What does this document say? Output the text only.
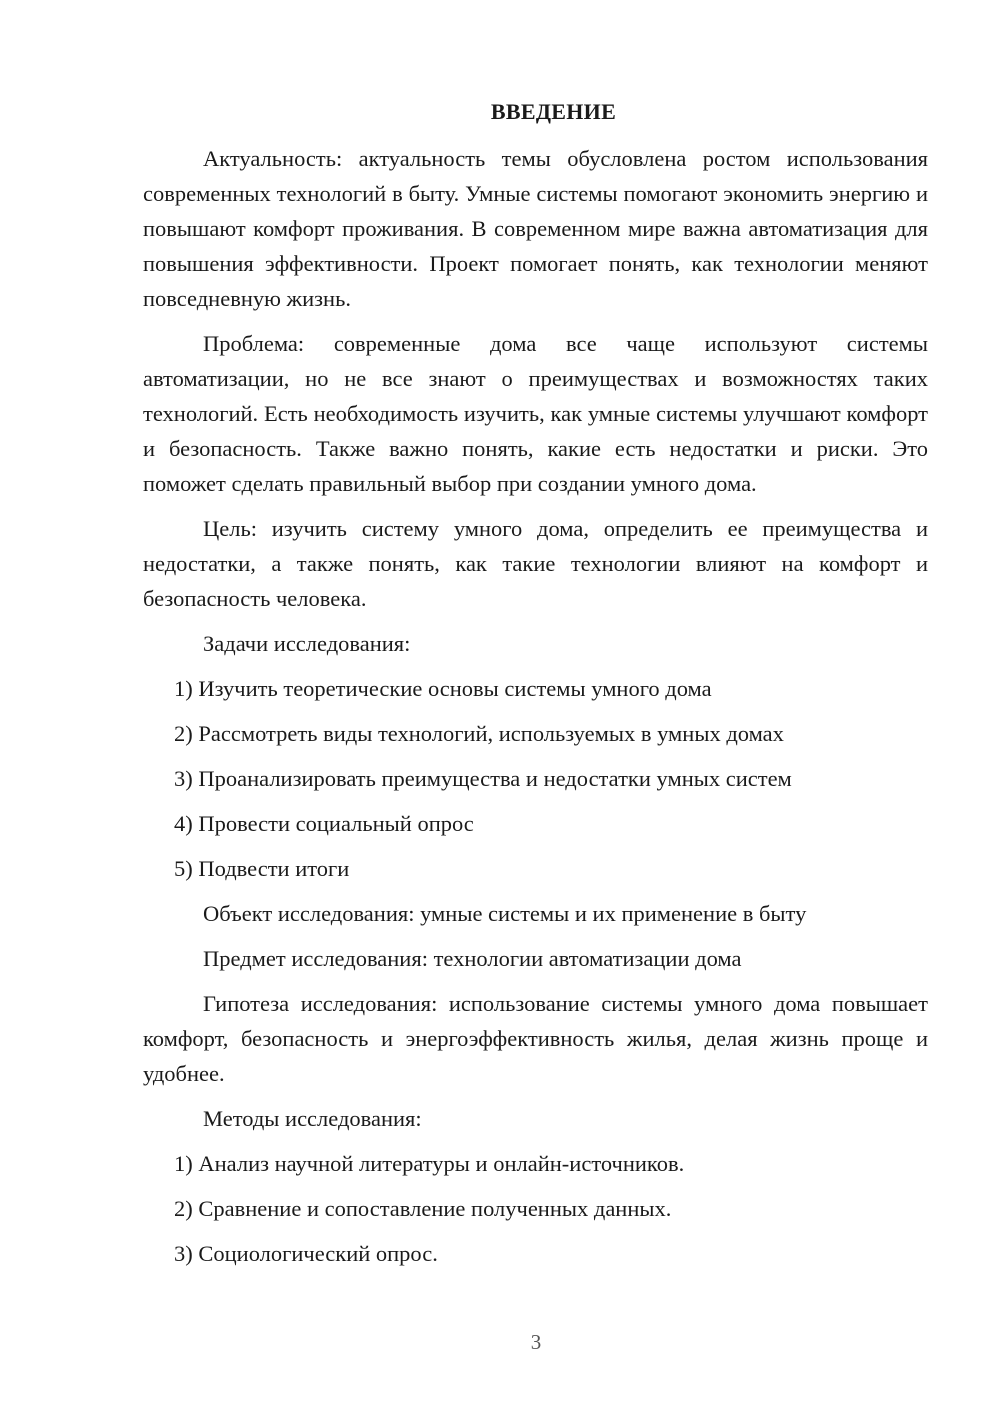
ВВЕДЕНИЕ

Актуальность: актуальность темы обусловлена ростом использования современных технологий в быту. Умные системы помогают экономить энергию и повышают комфорт проживания. В современном мире важна автоматизация для повышения эффективности. Проект помогает понять, как технологии меняют повседневную жизнь.

Проблема: современные дома все чаще используют системы автоматизации, но не все знают о преимуществах и возможностях таких технологий. Есть необходимость изучить, как умные системы улучшают комфорт и безопасность. Также важно понять, какие есть недостатки и риски. Это поможет сделать правильный выбор при создании умного дома.

Цель: изучить систему умного дома, определить ее преимущества и недостатки, а также понять, как такие технологии влияют на комфорт и безопасность человека.

Задачи исследования:

1) Изучить теоретические основы системы умного дома
2) Рассмотреть виды технологий, используемых в умных домах
3) Проанализировать преимущества и недостатки умных систем
4) Провести социальный опрос
5) Подвести итоги

Объект исследования: умные системы и их применение в быту

Предмет исследования: технологии автоматизации дома

Гипотеза исследования: использование системы умного дома повышает комфорт, безопасность и энергоэффективность жилья, делая жизнь проще и удобнее.

Методы исследования:

1) Анализ научной литературы и онлайн-источников.
2) Сравнение и сопоставление полученных данных.
3) Социологический опрос.
3
